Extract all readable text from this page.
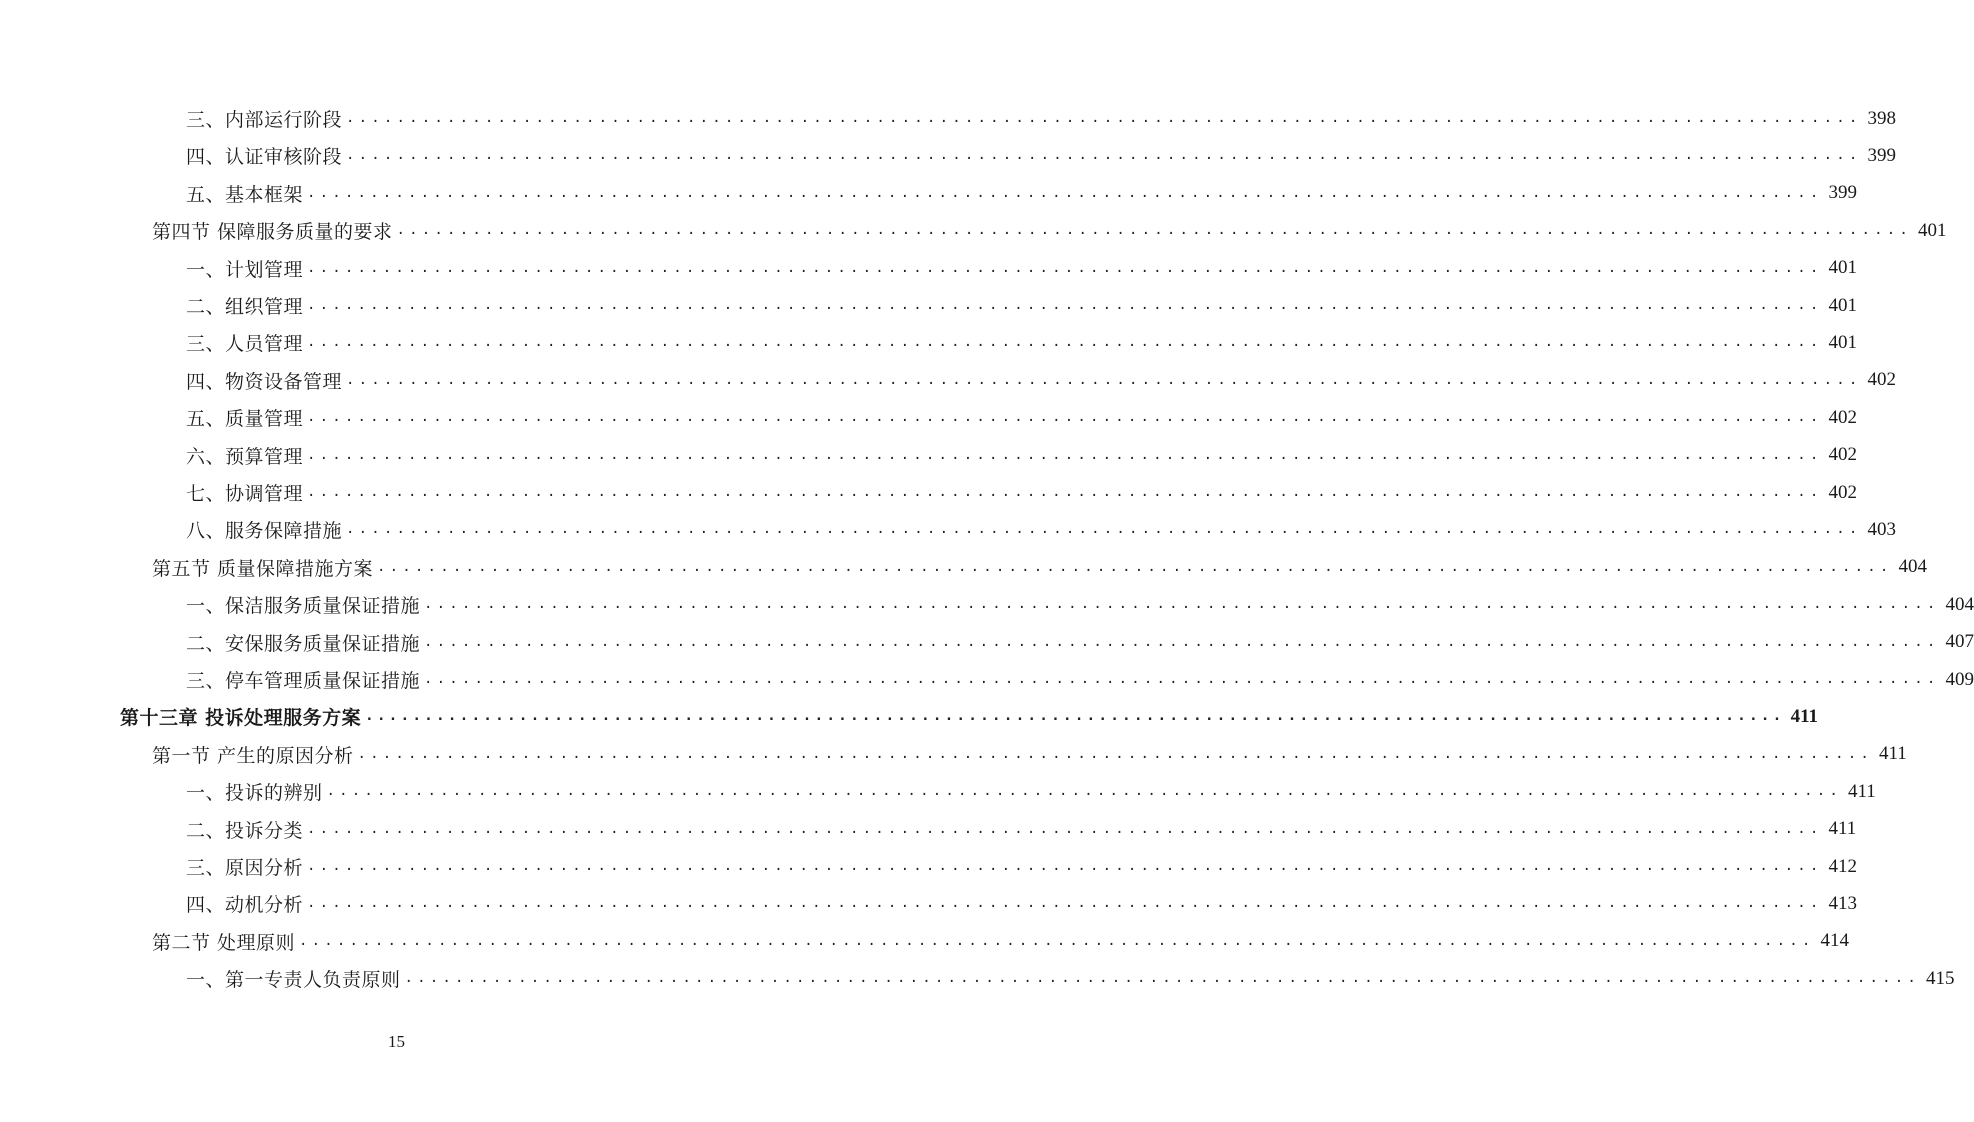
三、内部运行阶段 ........................................................................................................................ 398
四、认证审核阶段 ........................................................................................................................ 399
五、基本框架 ........................................................................................................................ 399
第四节 保障服务质量的要求 ........................................................................................................................ 401
一、计划管理 ........................................................................................................................ 401
二、组织管理 ........................................................................................................................ 401
三、人员管理 ........................................................................................................................ 401
四、物资设备管理 ........................................................................................................................ 402
五、质量管理 ........................................................................................................................ 402
六、预算管理 ........................................................................................................................ 402
七、协调管理 ........................................................................................................................ 402
八、服务保障措施 ........................................................................................................................ 403
第五节 质量保障措施方案 ........................................................................................................................ 404
一、保洁服务质量保证措施 ........................................................................................................................ 404
二、安保服务质量保证措施 ........................................................................................................................ 407
三、停车管理质量保证措施 ........................................................................................................................ 409
第十三章 投诉处理服务方案 ........................................................................................................................ 411
第一节 产生的原因分析 ........................................................................................................................ 411
一、投诉的辨别 ........................................................................................................................ 411
二、投诉分类 ........................................................................................................................ 411
三、原因分析 ........................................................................................................................ 412
四、动机分析 ........................................................................................................................ 413
第二节 处理原则 ........................................................................................................................ 414
一、第一专责人负责原则 ........................................................................................................................ 415
15
